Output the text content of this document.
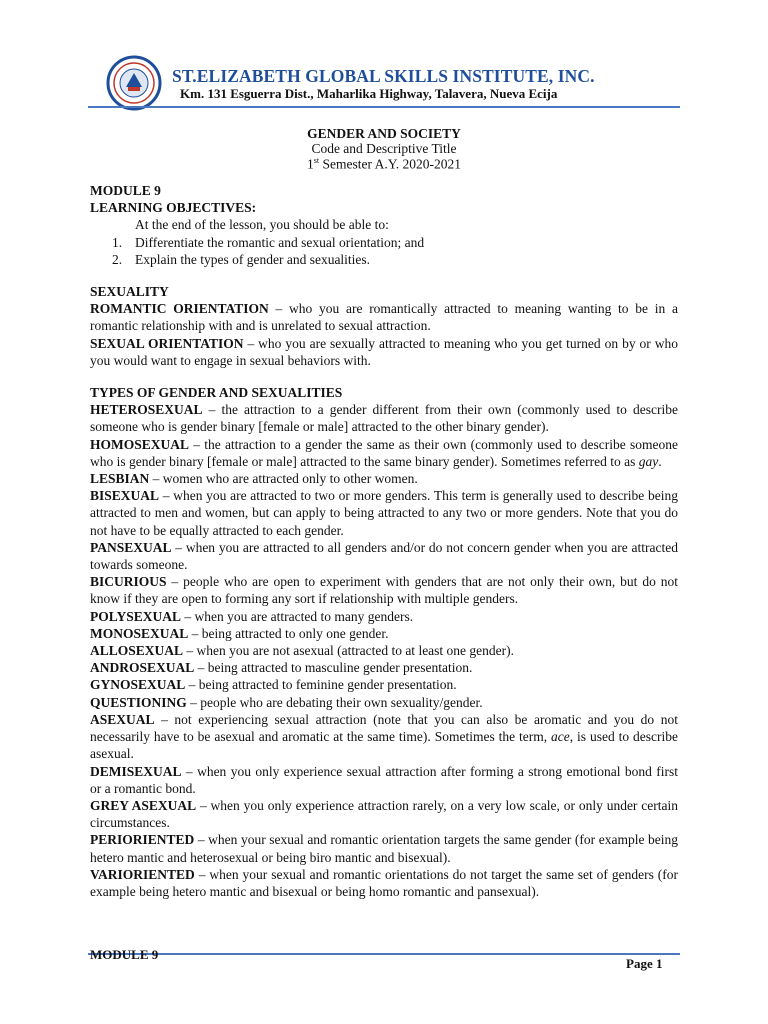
ST.ELIZABETH GLOBAL SKILLS INSTITUTE, INC.
Km. 131 Esguerra Dist., Maharlika Highway, Talavera, Nueva Ecija
GENDER AND SOCIETY
Code and Descriptive Title
1st Semester A.Y. 2020-2021

MODULE 9

LEARNING OBJECTIVES:

At the end of the lesson, you should be able to:

1. Differentiate the romantic and sexual orientation; and
2. Explain the types of gender and sexualities.

SEXUALITY

ROMANTIC ORIENTATION – who you are romantically attracted to meaning wanting to be in a romantic relationship with and is unrelated to sexual attraction.

SEXUAL ORIENTATION – who you are sexually attracted to meaning who you get turned on by or who you would want to engage in sexual behaviors with.

TYPES OF GENDER AND SEXUALITIES

HETEROSEXUAL – the attraction to a gender different from their own (commonly used to describe someone who is gender binary [female or male] attracted to the other binary gender).

HOMOSEXUAL – the attraction to a gender the same as their own (commonly used to describe someone who is gender binary [female or male] attracted to the same binary gender). Sometimes referred to as gay.

LESBIAN – women who are attracted only to other women.

BISEXUAL – when you are attracted to two or more genders. This term is generally used to describe being attracted to men and women, but can apply to being attracted to any two or more genders. Note that you do not have to be equally attracted to each gender.

PANSEXUAL – when you are attracted to all genders and/or do not concern gender when you are attracted towards someone.

BICURIOUS – people who are open to experiment with genders that are not only their own, but do not know if they are open to forming any sort if relationship with multiple genders.

POLYSEXUAL – when you are attracted to many genders.

MONOSEXUAL – being attracted to only one gender.

ALLOSEXUAL – when you are not asexual (attracted to at least one gender).

ANDROSEXUAL – being attracted to masculine gender presentation.

GYNOSEXUAL – being attracted to feminine gender presentation.

QUESTIONING – people who are debating their own sexuality/gender.

ASEXUAL – not experiencing sexual attraction (note that you can also be aromatic and you do not necessarily have to be asexual and aromatic at the same time). Sometimes the term, ace, is used to describe asexual.

DEMISEXUAL – when you only experience sexual attraction after forming a strong emotional bond first or a romantic bond.

GREY ASEXUAL – when you only experience attraction rarely, on a very low scale, or only under certain circumstances.

PERIORIENTED – when your sexual and romantic orientation targets the same gender (for example being hetero mantic and heterosexual or being biro mantic and bisexual).

VARIORIENTED – when your sexual and romantic orientations do not target the same set of genders (for example being hetero mantic and bisexual or being homo romantic and pansexual).

MODULE 9
Page 1
